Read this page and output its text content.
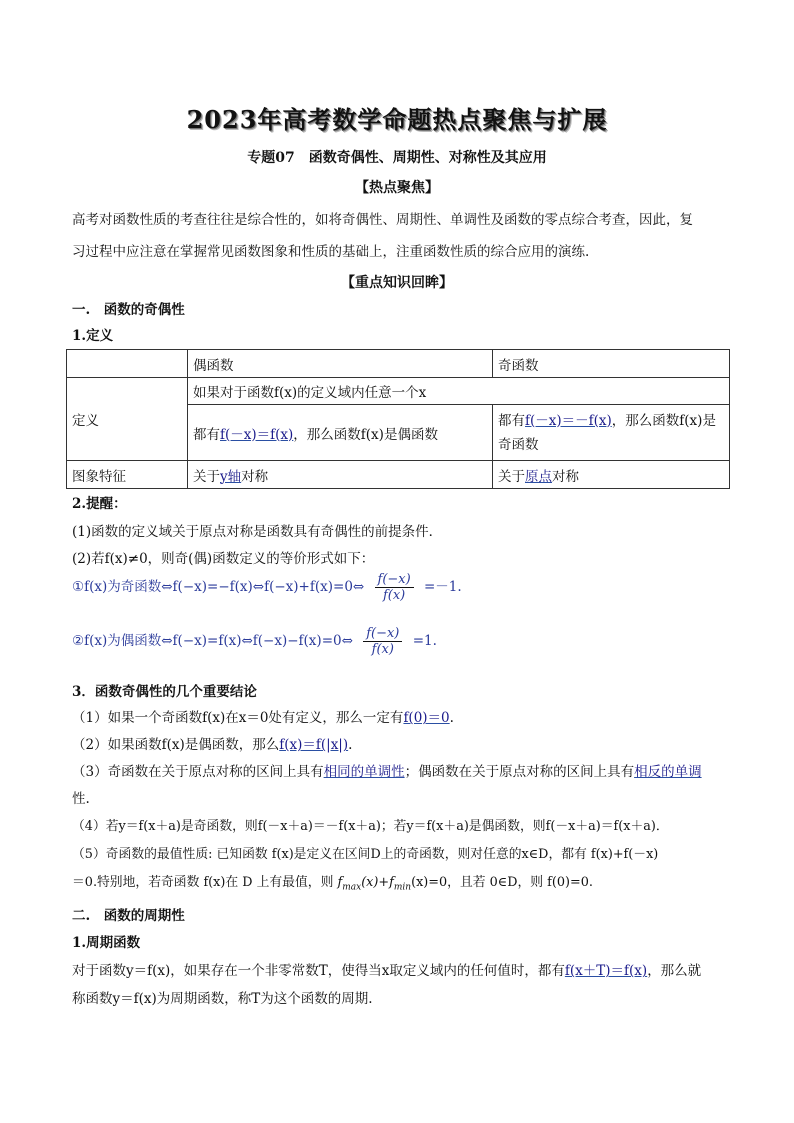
2023年高考数学命题热点聚焦与扩展
专题07　函数奇偶性、周期性、对称性及其应用
【热点聚焦】
高考对函数性质的考查往往是综合性的，如将奇偶性、周期性、单调性及函数的零点综合考查，因此，复
习过程中应注意在掌握常见函数图象和性质的基础上，注重函数性质的综合应用的演练.
【重点知识回眸】
一.　函数的奇偶性
1.定义
	偶函数	奇函数
定义	如果对于函数f(x)的定义域内任意一个x	
	都有f(－x)＝f(x)，那么函数f(x)是偶函数	都有f(－x)＝－f(x)，那么函数f(x)是
奇函数
图象特征	关于y轴对称	关于原点对称
2.提醒：
(1)函数的定义域关于原点对称是函数具有奇偶性的前提条件．
(2)若f(x)≠0，则奇(偶)函数定义的等价形式如下：
①f(x)为奇函数⇔f(−x)=−f(x)⇔f(−x)+f(x)=0⇔ $\frac{f(-x)}{f(x)} =-1$.
②f(x)为偶函数⇔f(−x)=f(x)⇔f(−x)−f(x)=0⇔ $\frac{f(-x)}{f(x)} =1$.
3．函数奇偶性的几个重要结论
（1）如果一个奇函数f(x)在x＝0处有定义，那么一定有f(0)＝0.
（2）如果函数f(x)是偶函数，那么f(x)＝f(|x|).
（3）奇函数在关于原点对称的区间上具有相同的单调性；偶函数在关于原点对称的区间上具有相反的单调
性.
（4）若y＝f(x＋a)是奇函数，则f(－x＋a)＝－f(x＋a)；若y＝f(x＋a)是偶函数，则f(－x＋a)＝f(x＋a)．
（5）奇函数的最值性质: 已知函数 f(x)是定义在区间D上的奇函数，则对任意的x∈D，都有 f(x)+f(－x)
＝0.特别地，若奇函数 f(x)在 D 上有最值，则 $f_{max}(x)+f_{min}(x)=0$，且若 0∈D，则 f(0)=0.
二.　函数的周期性
1.周期函数
对于函数y＝f(x)，如果存在一个非零常数T，使得当x取定义域内的任何值时，都有f(x＋T)＝f(x)，那么就
称函数y＝f(x)为周期函数，称T为这个函数的周期.
